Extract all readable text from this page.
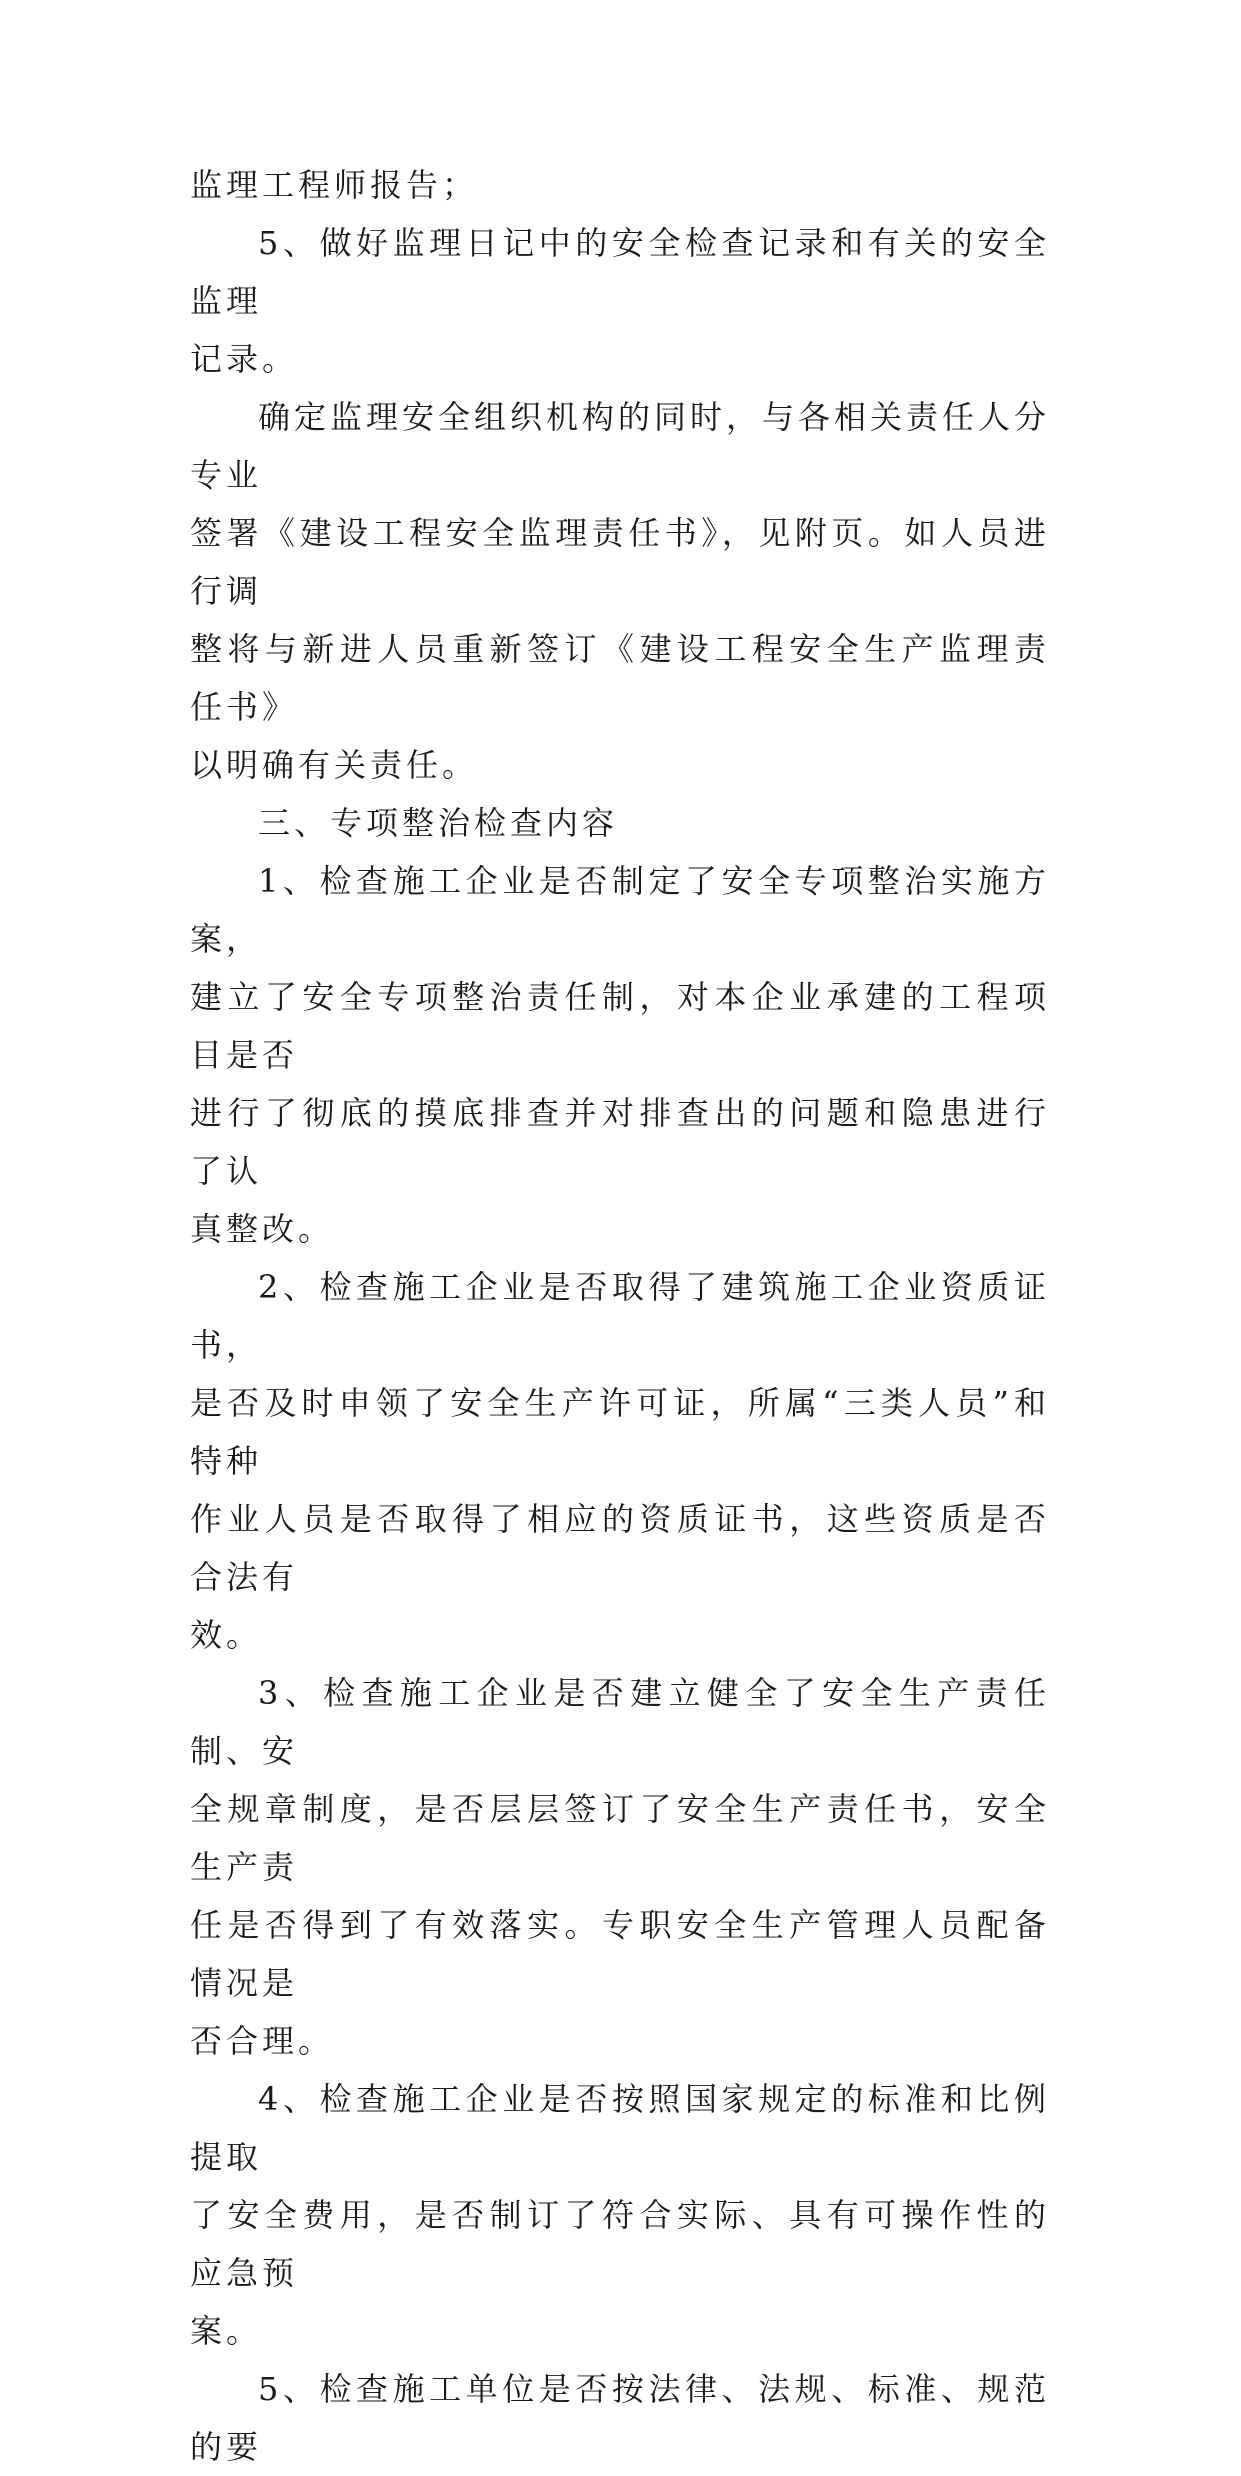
监理工程师报告；

5、做好监理日记中的安全检查记录和有关的安全监理
记录。

确定监理安全组织机构的同时，与各相关责任人分专业
签署《建设工程安全监理责任书》，见附页。如人员进行调
整将与新进人员重新签订《建设工程安全生产监理责任书》
以明确有关责任。

三、专项整治检查内容

1、检查施工企业是否制定了安全专项整治实施方案，
建立了安全专项整治责任制，对本企业承建的工程项目是否
进行了彻底的摸底排查并对排查出的问题和隐患进行了认
真整改。

2、检查施工企业是否取得了建筑施工企业资质证书，
是否及时申领了安全生产许可证，所属“三类人员”和特种
作业人员是否取得了相应的资质证书，这些资质是否合法有
效。

3、检查施工企业是否建立健全了安全生产责任制、安
全规章制度，是否层层签订了安全生产责任书，安全生产责
任是否得到了有效落实。专职安全生产管理人员配备情况是
否合理。

4、检查施工企业是否按照国家规定的标准和比例提取
了安全费用，是否制订了符合实际、具有可操作性的应急预
案。

5、检查施工单位是否按法律、法规、标准、规范的要
